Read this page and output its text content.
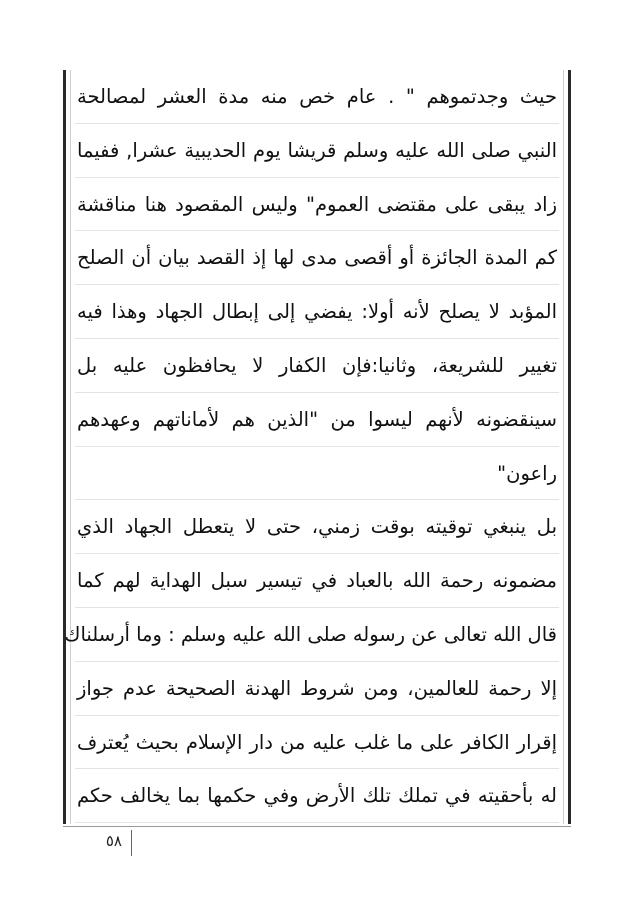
حيث وجدتموهم " . عام خص منه مدة العشر لمصالحة
النبي صلى الله عليه وسلم قريشا يوم الحديبية عشرا, ففيما
زاد يبقى على مقتضى العموم" وليس المقصود هنا مناقشة
كم المدة الجائزة أو أقصى مدى لها إذ القصد بيان أن الصلح
المؤبد لا يصلح لأنه أولا: يفضي إلى إبطال الجهاد وهذا فيه
تغيير للشريعة، وثانيا:فإن الكفار لا يحافظون عليه بل
سينقضونه لأنهم ليسوا من "الذين هم لأماناتهم وعهدهم
راعون"
بل ينبغي توقيته بوقت زمني، حتى لا يتعطل الجهاد الذي
مضمونه رحمة الله بالعباد في تيسير سبل الهداية لهم كما
قال الله تعالى عن رسوله صلى الله عليه وسلم : وما أرسلناك
إلا رحمة للعالمين، ومن شروط الهدنة الصحيحة عدم جواز
إقرار الكافر على ما غلب عليه من دار الإسلام بحيث يُعترف
له بأحقيته في تملك تلك الأرض وفي حكمها بما يخالف حكم
٥٨
